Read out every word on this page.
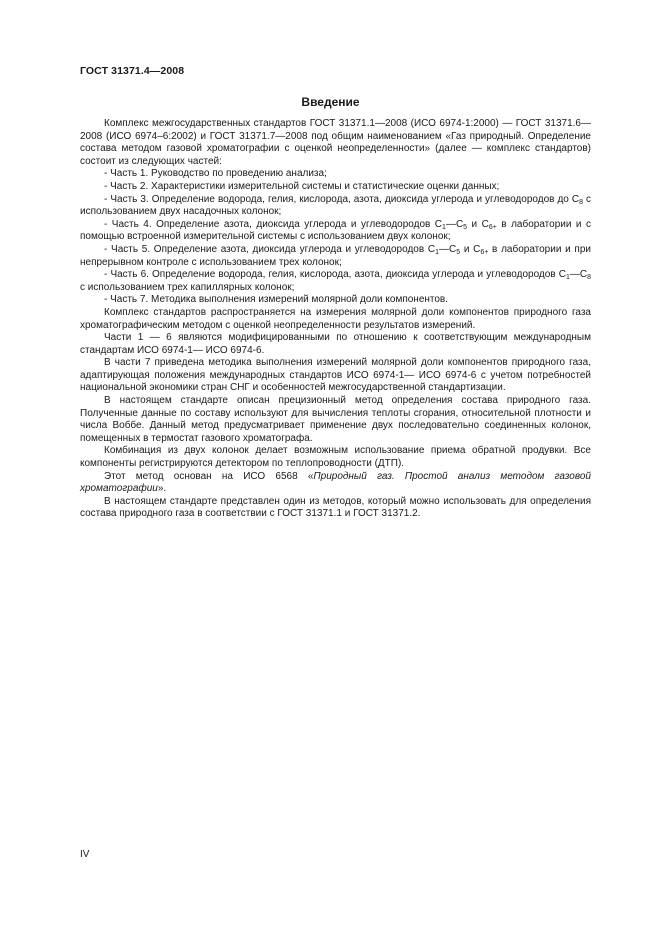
ГОСТ 31371.4—2008
Введение

Комплекс межгосударственных стандартов ГОСТ 31371.1—2008 (ИСО 6974-1:2000) — ГОСТ 31371.6—2008 (ИСО 6974–6:2002) и ГОСТ 31371.7—2008 под общим наименованием «Газ природный. Определение состава методом газовой хроматографии с оценкой неопределенности» (далее — комплекс стандартов) состоит из следующих частей:

- Часть 1. Руководство по проведению анализа;

- Часть 2. Характеристики измерительной системы и статистические оценки данных;

- Часть 3. Определение водорода, гелия, кислорода, азота, диоксида углерода и углеводородов до $С_8$ с использованием двух насадочных колонок;

- Часть 4. Определение азота, диоксида углерода и углеводородов $С_1—С_5$ и $С_{6+}$ в лаборатории и с помощью встроенной измерительной системы с использованием двух колонок;

- Часть 5. Определение азота, диоксида углерода и углеводородов $С_1—С_5$ и $С_{6+}$ в лаборатории и при непрерывном контроле с использованием трех колонок;

- Часть 6. Определение водорода, гелия, кислорода, азота, диоксида углерода и углеводородов $С_1—С_8$ с использованием трех капиллярных колонок;

- Часть 7. Методика выполнения измерений молярной доли компонентов.

Комплекс стандартов распространяется на измерения молярной доли компонентов природного газа хроматографическим методом с оценкой неопределенности результатов измерений.

Части 1 — 6 являются модифицированными по отношению к соответствующим международным стандартам ИСО 6974-1— ИСО 6974-6.

В части 7 приведена методика выполнения измерений молярной доли компонентов природного газа, адаптирующая положения международных стандартов ИСО 6974-1— ИСО 6974-6 с учетом потребностей национальной экономики стран СНГ и особенностей межгосударственной стандартизации.

В настоящем стандарте описан прецизионный метод определения состава природного газа. Полученные данные по составу используют для вычисления теплоты сгорания, относительной плотности и числа Воббе. Данный метод предусматривает применение двух последовательно соединенных колонок, помещенных в термостат газового хроматографа.

Комбинация из двух колонок делает возможным использование приема обратной продувки. Все компоненты регистрируются детектором по теплопроводности (ДТП).

Этот метод основан на ИСО 6568 «Природный газ. Простой анализ методом газовой хроматографии».

В настоящем стандарте представлен один из методов, который можно использовать для определения состава природного газа в соответствии с ГОСТ 31371.1 и ГОСТ 31371.2.

IV
